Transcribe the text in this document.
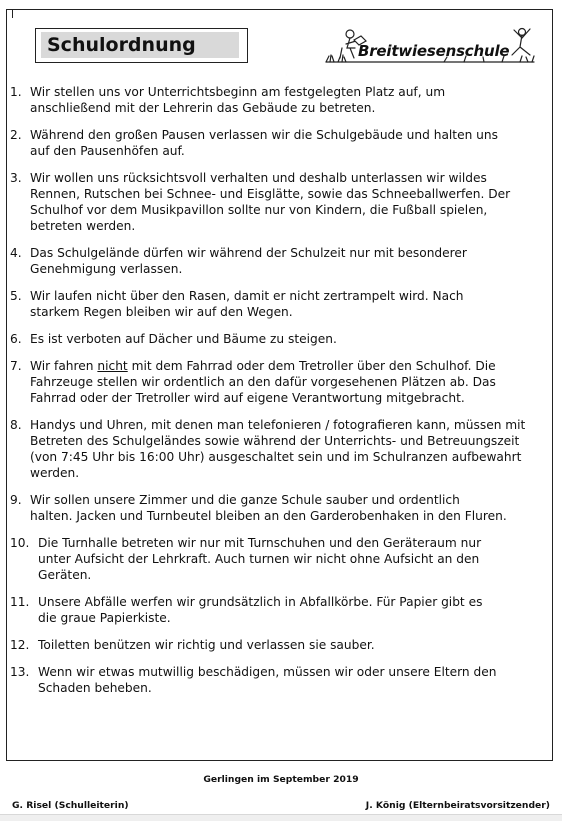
Schulordnung	Breitwiesenschule
1. Wir stellen uns vor Unterrichtsbeginn am festgelegten Platz auf, um
anschließend mit der Lehrerin das Gebäude zu betreten.
2. Während den großen Pausen verlassen wir die Schulgebäude und halten uns
auf den Pausenhöfen auf.
3. Wir wollen uns rücksichtsvoll verhalten und deshalb unterlassen wir wildes
Rennen, Rutschen bei Schnee- und Eisglätte, sowie das Schneeballwerfen. Der
Schulhof vor dem Musikpavillon sollte nur von Kindern, die Fußball spielen,
betreten werden.
4. Das Schulgelände dürfen wir während der Schulzeit nur mit besonderer
Genehmigung verlassen.
5. Wir laufen nicht über den Rasen, damit er nicht zertrampelt wird. Nach
starkem Regen bleiben wir auf den Wegen.
6. Es ist verboten auf Dächer und Bäume zu steigen.
7. Wir fahren nicht mit dem Fahrrad oder dem Tretroller über den Schulhof. Die
Fahrzeuge stellen wir ordentlich an den dafür vorgesehenen Plätzen ab. Das
Fahrrad oder der Tretroller wird auf eigene Verantwortung mitgebracht.
8. Handys und Uhren, mit denen man telefonieren / fotografieren kann, müssen mit
Betreten des Schulgeländes sowie während der Unterrichts- und Betreuungszeit
(von 7:45 Uhr bis 16:00 Uhr) ausgeschaltet sein und im Schulranzen aufbewahrt
werden.
9. Wir sollen unsere Zimmer und die ganze Schule sauber und ordentlich
halten. Jacken und Turnbeutel bleiben an den Garderobenhaken in den Fluren.
10. Die Turnhalle betreten wir nur mit Turnschuhen und den Geräteraum nur
unter Aufsicht der Lehrkraft. Auch turnen wir nicht ohne Aufsicht an den
Geräten.
11. Unsere Abfälle werfen wir grundsätzlich in Abfallkörbe. Für Papier gibt es
die graue Papierkiste.
12. Toiletten benützen wir richtig und verlassen sie sauber.
13. Wenn wir etwas mutwillig beschädigen, müssen wir oder unsere Eltern den
Schaden beheben.
Gerlingen im September 2019
G. Risel (Schulleiterin)	J. König (Elternbeiratsvorsitzender)
